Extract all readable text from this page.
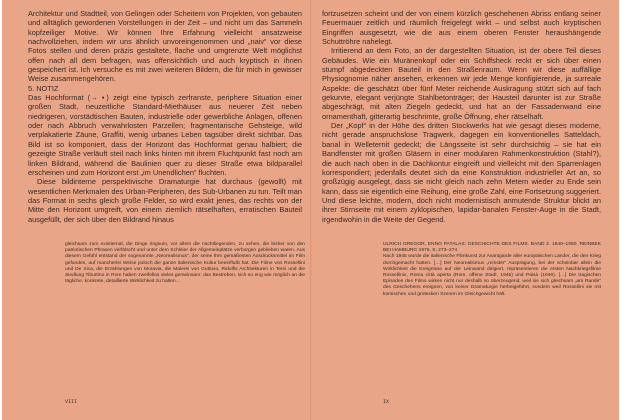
Architektur und Stadtteil, von Gelingen oder Scheitern von Projekten, von gebauten und alltäglich gewordenen Vorstellungen in der Zeit – und nicht um das Sammeln kopfzeiliger Motive. Wir können Ihre Erfahrung vielleicht ansatzweise nachvollziehen, indem wir uns ähnlich unvoreingenommen und „naiv“ vor diese Fotos stellen und deren präzis gestaltete, flache und umgrenzte Welt möglichst offen nach all dem befragen, was offensichtlich und auch kryptisch in ihnen gespeichert ist. Ich versuche es mit zwei weiteren Bildern, die für mich in gewisser Weise zusammengehören.

5. NOTIZ

Das Hochformat (→ ▪) zeigt eine typisch zerfranste, periphere Situation einer großen Stadt, neuzeitliche Standard-Miethäuser aus neuerer Zeit neben niedrigeren, vorstädtischen Bauten, industrielle oder gewerbliche Anlagen, offenen oder nach Abbruch verwahrlosten Parzellen; fragmentarische Gehsteige, wild verplakatierte Zäune, Graffiti, wenig urbanes Leben tagsüber direkt sichtbar. Das Bild ist so komponiert, dass der Horizont das Hochformat genau halbiert; die gezeigte Straße verläuft steil nach links hinten mit ihrem Fluchtpunkt fast noch am linken Bildrand, während die Baulinien quer zu dieser Straße etwa bildparallel erscheinen und zum Horizont erst „im Unendlichen“ fluchten.

Diese bildinterne perspektivische Dramaturgie hat durchaus (gewollt) mit wesentlichen Merkmalen des Urban-Peripheren, des Sub-Urbanen zu tun. Teilt man das Format in sechs gleich große Felder, so wird exakt jenes, das rechts von der Mitte den Horizont umgreift, von einem ziemlich rätselhaften, erratischen Bauteil ausgefüllt, der sich über den Bildrand hinaus

gleichsam zum existiernal, die Dinge ringsum, vor allem die nüchtliegenden, zu sehen, die bisher von den patriotischen Phrasen verfälscht und unter dem Schleier der Allgemeinplätze verborgen geblieben waren. Aus diesem Gefühl entstand der sogenannte „Neorealismus“, der seine Ihm gemäßesten Ausdrucksmittel im Film gefunden, auf mancherlei Weise jedoch die ganze italienische Kultur beeinflußt hat. Die Filme von Rossellini und De Sica, die Erzählungen von Moravia, die Malerei von Guttuso, Ridolfis Architekturen in Terni und die Siedlung Tiburtino in Rom haben zweifellos vieles gemeinsam: das Bestreben, sich so eng wie möglich an die tägliche, konkrete, detaillierte Wirklichkeit zu halten…
VIII

fortzusetzen scheint und der von einem kürzlich geschehenen Abriss entlang seiner Feuermauer zeitlich und räumlich freigelegt wirkt – und selbst auch kryptischen Eingriffen ausgesetzt, wie die aus einem oberen Fenster heraushängende Schuttröhre nahelegt.

Irritierend an dem Foto, an der dargestellten Situation, ist der obere Teil dieses Gebäudes. Wie ein Muränenkopf oder ein Schiffsheck reckt er sich über einen stumpf abgedeckten Bauteil in den Straßenraum. Wenn wir diese auffällige Physiognomie näher ansehen, erkennen wir jede Menge konfigierende, ja surreale Aspekte: die geschätzt über fünf Meter reichende Auskragung stützt sich auf fach gekurvte, elegant verjüngte Stahlbetonträger; der Hausteil darunter ist zur Straße abgeschrägt, mit alten Ziegeln gedeckt, und hat an der Fassadenwand eine ornamenthaft, gitterartig beschrimte, große Öffnung, eher rätselhaft.

Der „Kopf“ in der Höhe des dritten Stockwerks hat wie gesagt dieses moderne, nicht gerade anspruchslose Tragwerk, dagegen ein konventionelles Satteldach, banal in Welleternit gedeckt; die Längsseite ist sehr durchsichtig – sie hat ein Bandfenster mit großen Gläsern in einer modularen Rahmenkonstruktion (Stahl?), die auch nach oben in die Dachkontur eingreift und vielleicht mit den Sparrenlagen korrespondiert; jedenfalls deutet sich da eine Konstruktion industrieller Art an, so großzügig ausgelegt, dass sie nicht gleich nach zehn Metern wieder zu Ende sein kann, dass sie eigentlich eine Reihung, eine große Zahl, eine Fortsetzung suggeriert. Und diese leichte, modern, doch nicht modernistisch anmutende Struktur blickt an ihrer Stirnseite mit einem zyklopischen, lapidar-banalen Fenster-Auge in die Stadt, irgendwohin in die Weite der Gegend.

ULRICH GREGOR, ENNO PATALAS: GESCHICHTE DES FILMS. BAND 2. 1940–1960. REINBEK BEI HAMBURG 1976, S. 273–274
Nach 1945 wurde die italienische Filmkunst zur Avantgarde aller europäischen Länder, die den Krieg durchgemacht hatten. […] Der Neorealismus „reinster“ Ausprägung, bei der scheinbar allein die Wirklichkeit die Ereignisse auf der Leinwand dirigiert, repräsentieren die ersten Nachkriegsfilme Rossellinis, Roma città aperta (Rom, offene Stadt, 1945) und Paisà (1946). […] Die tragischen Episoden des Films wirken nicht nur deshalb so überzeugend, weil sie sich gleichsam „am Rande“ des Geschehens ereignen, von keiner Dramaturgie herbeigeführt, sondern weil Rossellini sie mit komischen und grotesken Szenen im Gleichgewicht hält.
IX
